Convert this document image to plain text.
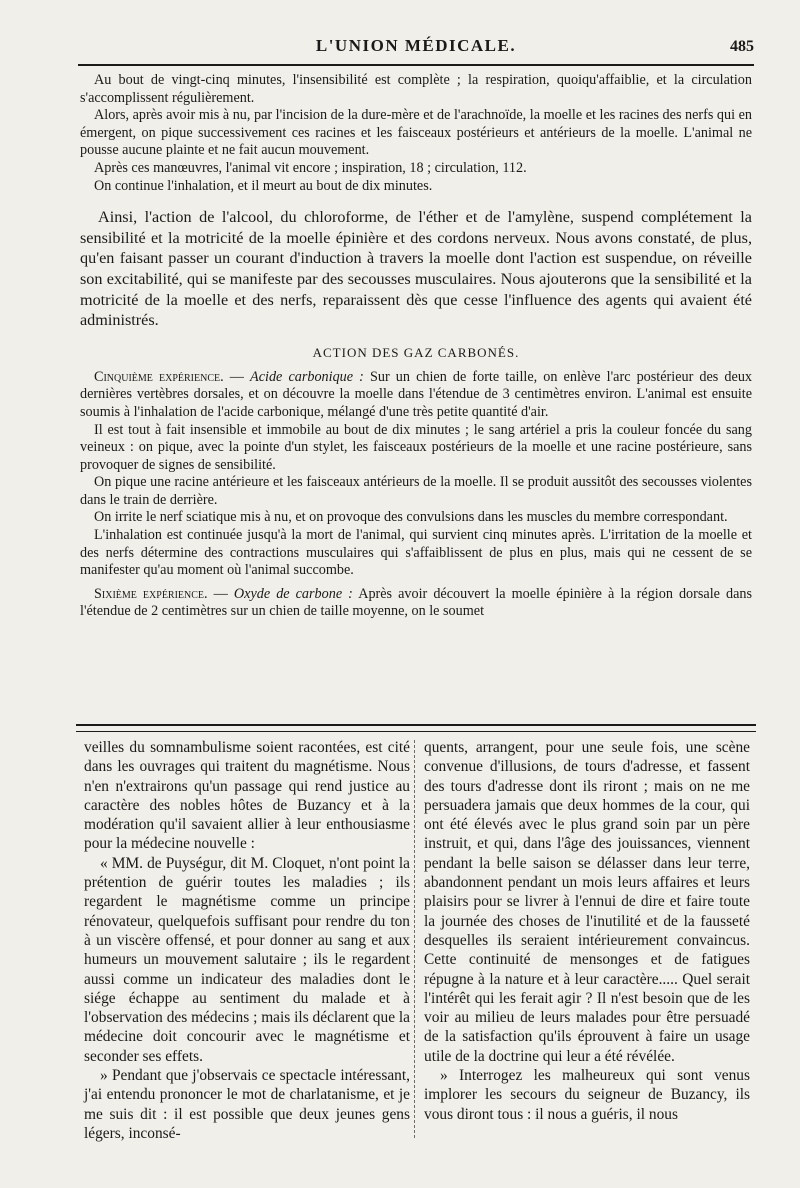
L'UNION MÉDICALE.	485

Au bout de vingt-cinq minutes, l'insensibilité est complète ; la respiration, quoiqu'affaiblie, et la circulation s'accomplissent régulièrement.

Alors, après avoir mis à nu, par l'incision de la dure-mère et de l'arachnoïde, la moelle et les racines des nerfs qui en émergent, on pique successivement ces racines et les faisceaux postérieurs et antérieurs de la moelle. L'animal ne pousse aucune plainte et ne fait aucun mouvement.

Après ces manœuvres, l'animal vit encore ; inspiration, 18 ; circulation, 112.

On continue l'inhalation, et il meurt au bout de dix minutes.

Ainsi, l'action de l'alcool, du chloroforme, de l'éther et de l'amylène, suspend complétement la sensibilité et la motricité de la moelle épinière et des cordons nerveux. Nous avons constaté, de plus, qu'en faisant passer un courant d'induction à travers la moelle dont l'action est suspendue, on réveille son excitabilité, qui se manifeste par des secousses musculaires. Nous ajouterons que la sensibilité et la motricité de la moelle et des nerfs, reparaissent dès que cesse l'influence des agents qui avaient été administrés.

ACTION DES GAZ CARBONÉS.

Cinquième expérience. — Acide carbonique : Sur un chien de forte taille, on enlève l'arc postérieur des deux dernières vertèbres dorsales, et on découvre la moelle dans l'étendue de 3 centimètres environ. L'animal est ensuite soumis à l'inhalation de l'acide carbonique, mélangé d'une très petite quantité d'air.

Il est tout à fait insensible et immobile au bout de dix minutes ; le sang artériel a pris la couleur foncée du sang veineux : on pique, avec la pointe d'un stylet, les faisceaux postérieurs de la moelle et une racine postérieure, sans provoquer de signes de sensibilité.

On pique une racine antérieure et les faisceaux antérieurs de la moelle. Il se produit aussitôt des secousses violentes dans le train de derrière.

On irrite le nerf sciatique mis à nu, et on provoque des convulsions dans les muscles du membre correspondant.

L'inhalation est continuée jusqu'à la mort de l'animal, qui survient cinq minutes après. L'irritation de la moelle et des nerfs détermine des contractions musculaires qui s'affaiblissent de plus en plus, mais qui ne cessent de se manifester qu'au moment où l'animal succombe.

Sixième expérience. — Oxyde de carbone : Après avoir découvert la moelle épinière à la région dorsale dans l'étendue de 2 centimètres sur un chien de taille moyenne, on le soumet

veilles du somnambulisme soient racontées, est cité dans les ouvrages qui traitent du magnétisme. Nous n'en n'extrairons qu'un passage qui rend justice au caractère des nobles hôtes de Buzancy et à la modération qu'il savaient allier à leur enthousiasme pour la médecine nouvelle :

« MM. de Puységur, dit M. Cloquet, n'ont point la prétention de guérir toutes les maladies ; ils regardent le magnétisme comme un principe rénovateur, quelquefois suffisant pour rendre du ton à un viscère offensé, et pour donner au sang et aux humeurs un mouvement salutaire ; ils le regardent aussi comme un indicateur des maladies dont le siége échappe au sentiment du malade et à l'observation des médecins ; mais ils déclarent que la médecine doit concourir avec le magnétisme et seconder ses effets.

» Pendant que j'observais ce spectacle intéressant, j'ai entendu prononcer le mot de charlatanisme, et je me suis dit : il est possible que deux jeunes gens légers, inconsé-

quents, arrangent, pour une seule fois, une scène convenue d'illusions, de tours d'adresse, et fassent des tours d'adresse dont ils riront ; mais on ne me persuadera jamais que deux hommes de la cour, qui ont été élevés avec le plus grand soin par un père instruit, et qui, dans l'âge des jouissances, viennent pendant la belle saison se délasser dans leur terre, abandonnent pendant un mois leurs affaires et leurs plaisirs pour se livrer à l'ennui de dire et faire toute la journée des choses de l'inutilité et de la fausseté desquelles ils seraient intérieurement convaincus. Cette continuité de mensonges et de fatigues répugne à la nature et à leur caractère..... Quel serait l'intérêt qui les ferait agir ? Il n'est besoin que de les voir au milieu de leurs malades pour être persuadé de la satisfaction qu'ils éprouvent à faire un usage utile de la doctrine qui leur a été révélée.

» Interrogez les malheureux qui sont venus implorer les secours du seigneur de Buzancy, ils vous diront tous : il nous a guéris, il nous
